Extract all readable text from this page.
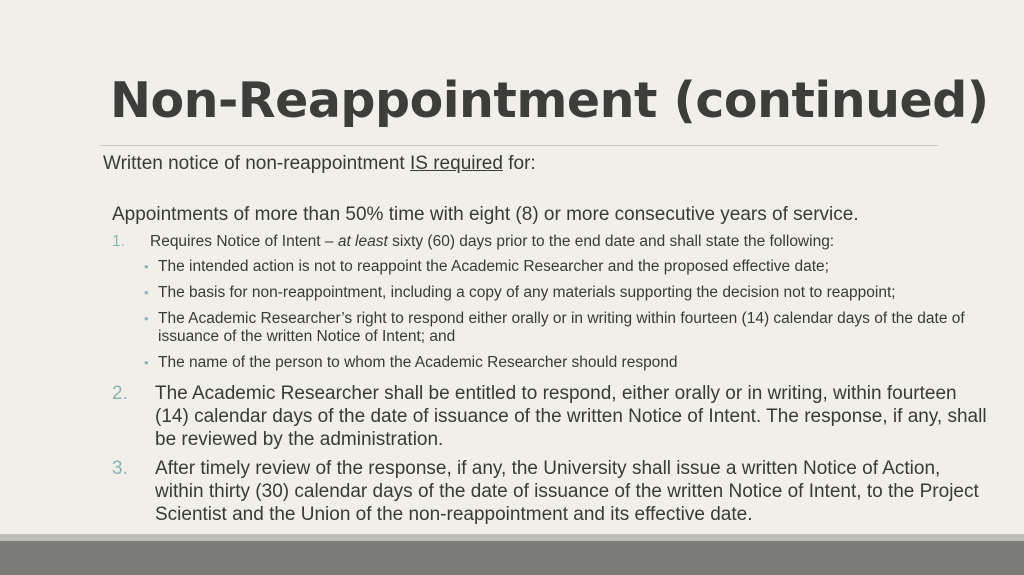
Non-Reappointment (continued)
Written notice of non-reappointment IS required for:
Appointments of more than 50% time with eight (8) or more consecutive years of service.
1. Requires Notice of Intent – at least sixty (60) days prior to the end date and shall state the following:
• The intended action is not to reappoint the Academic Researcher and the proposed effective date;
• The basis for non-reappointment, including a copy of any materials supporting the decision not to reappoint;
• The Academic Researcher’s right to respond either orally or in writing within fourteen (14) calendar days of the date of issuance of the written Notice of Intent; and
• The name of the person to whom the Academic Researcher should respond
2.	The Academic Researcher shall be entitled to respond, either orally or in writing, within fourteen (14) calendar days of the date of issuance of the written Notice of Intent. The response, if any, shall be reviewed by the administration.
3.	After timely review of the response, if any, the University shall issue a written Notice of Action, within thirty (30) calendar days of the date of issuance of the written Notice of Intent, to the Project Scientist and the Union of the non-reappointment and its effective date.
